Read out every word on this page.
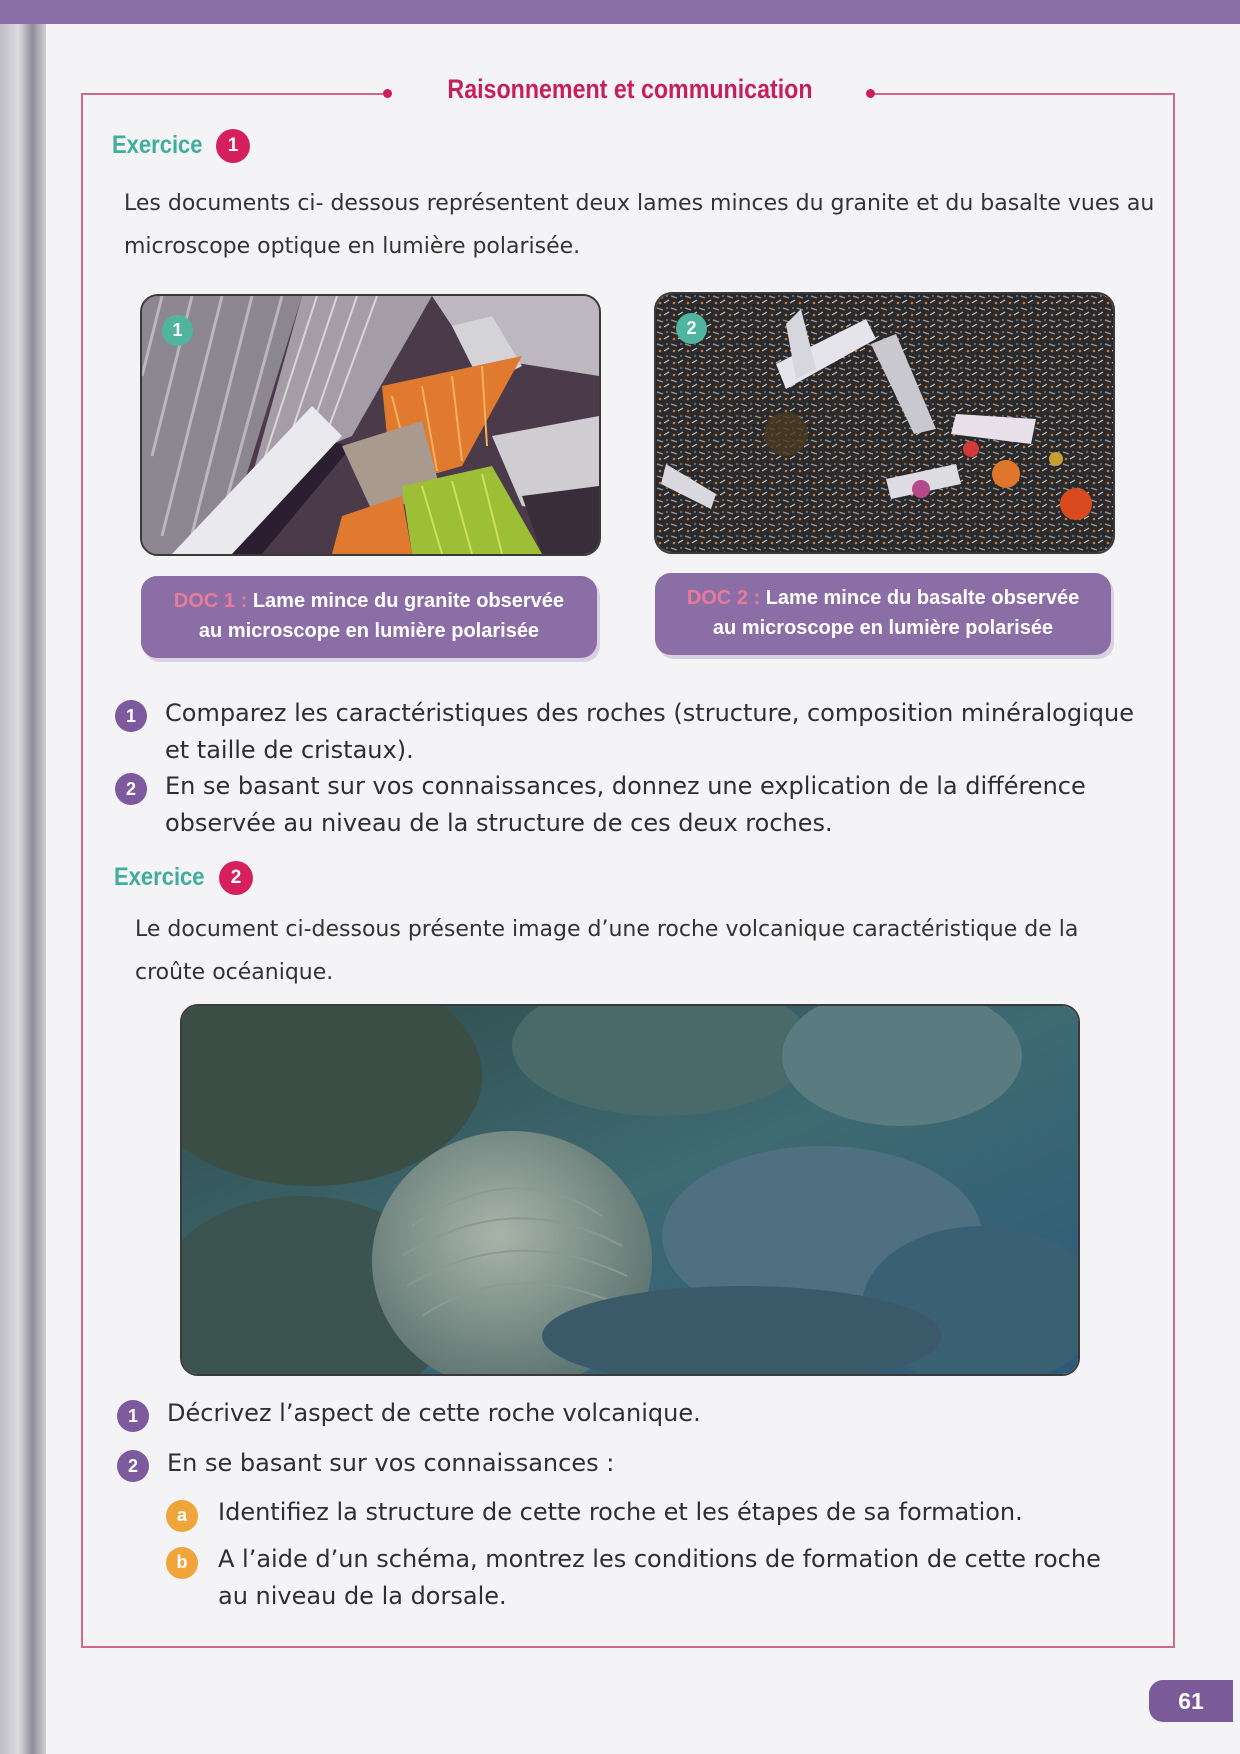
Raisonnement et communication
Exercice	1
Les documents ci- dessous représentent deux lames minces du granite et du basalte vues au
microscope optique en lumière polarisée.
1	2
DOC 1 : Lame mince du granite observée
au microscope en lumière polarisée
DOC 2 : Lame mince du basalte observée
au microscope en lumière polarisée
1	Comparez les caractéristiques des roches (structure, composition minéralogique
et taille de cristaux).
2	En se basant sur vos connaissances, donnez une explication de la différence
observée au niveau de la structure de ces deux roches.
Exercice	2
Le document ci-dessous présente image d’une roche volcanique caractéristique de la
croûte océanique.
1	Décrivez l’aspect de cette roche volcanique.
2	En se basant sur vos connaissances :
a	Identifiez la structure de cette roche et les étapes de sa formation.
b	A l’aide d’un schéma, montrez les conditions de formation de cette roche
au niveau de la dorsale.
61
